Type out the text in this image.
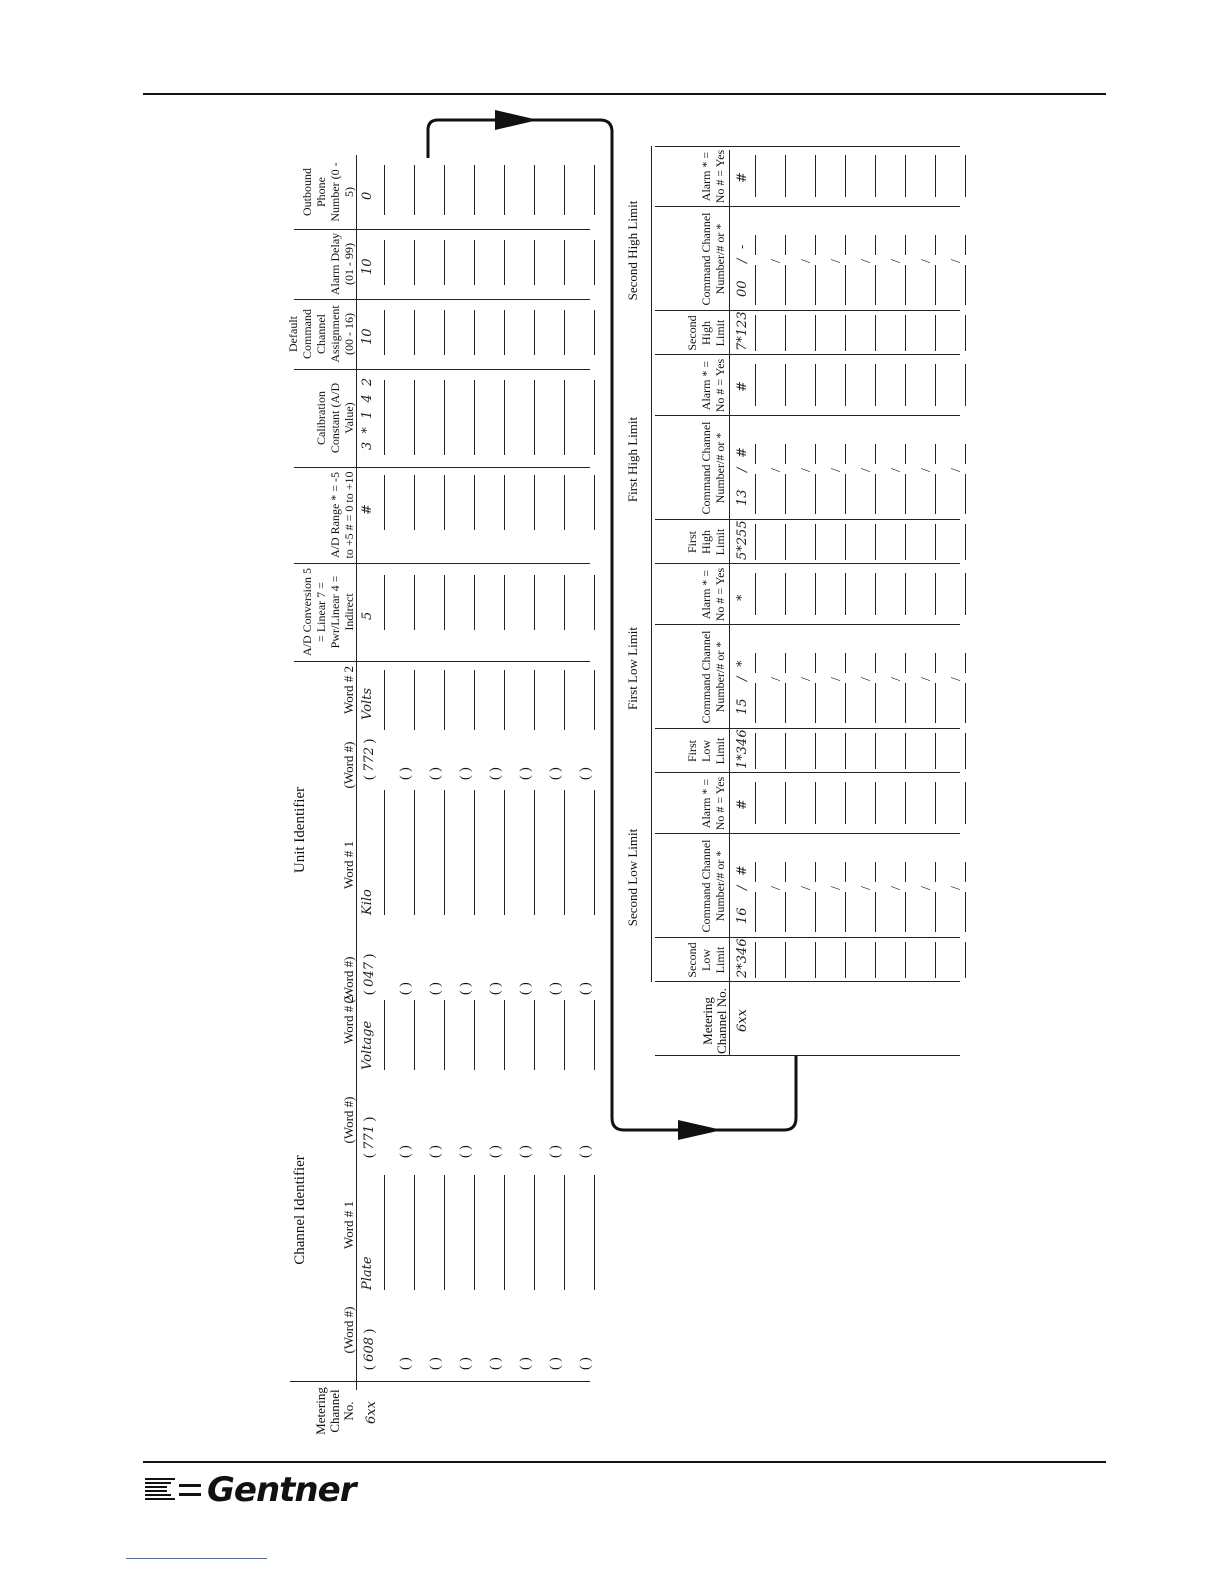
Metering Channel No.
Channel Identifier
Unit Identifier
(Word #)
Word # 1
(Word #)
Word # 2
(Word #)
Word # 1
(Word #)
Word # 2
A/D Conversion 5 = Linear 7 = Pwr/Linear 4 = Indirect
A/D Range * = -5 to +5 # = 0 to +10
Calibration Constant (A/D Value)
Default Command Channel Assignment (00 - 16)
Alarm Delay (01 - 99)
Outbound Phone Number (0 - 5)
6xx
( 608 )
Plate
( 771 )
Voltage
( 047 )
Kilo
( 772 )
Volts
5
#
3 * 1 4 2
10
10
0
( )
( )
( )
( )
( )
( )
( )
( )
( )
( )
( )
( )
( )
( )
( )
( )
( )
( )
( )
( )
( )
( )
( )
( )
( )
( )
( )
( )
Metering Channel No.
Second Low Limit
Second Low Limit
Command Channel Number/# or *
Alarm * = No # = Yes
First Low Limit
First Low Limit
Command Channel Number/# or *
Alarm * = No # = Yes
First High Limit
First High Limit
Command Channel Number/# or *
Alarm * = No # = Yes
Second High Limit
Second High Limit
Command Channel Number/# or *
Alarm * = No # = Yes
6xx
2*346
16
/
#
#
/ / / / / / /
1*346
15
/
*
*
/ / / / / / /
5*255
13
/
#
#
/ / / / / / /
7*123
00
/
-
#
/ / / / / / /
Gentner
